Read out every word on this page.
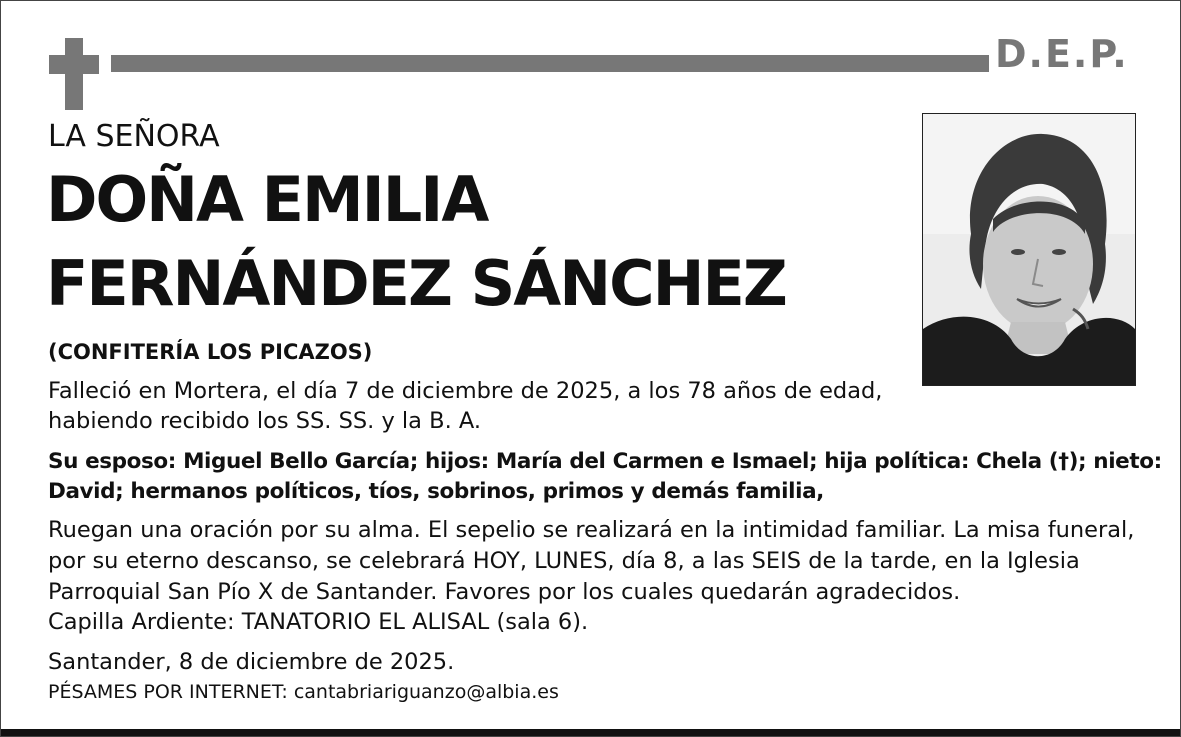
D.E.P.
LA SEÑORA
DOÑA EMILIA
FERNÁNDEZ SÁNCHEZ
(CONFITERÍA LOS PICAZOS)
Falleció en Mortera, el día 7 de diciembre de 2025, a los 78 años de edad,
habiendo recibido los SS. SS. y la B. A.
Su esposo: Miguel Bello García; hijos: María del Carmen e Ismael; hija política: Chela (†); nieto:
David; hermanos políticos, tíos, sobrinos, primos y demás familia,
Ruegan una oración por su alma. El sepelio se realizará en la intimidad familiar. La misa funeral,
por su eterno descanso, se celebrará HOY, LUNES, día 8, a las SEIS de la tarde, en la Iglesia
Parroquial San Pío X de Santander. Favores por los cuales quedarán agradecidos.
Capilla Ardiente: TANATORIO EL ALISAL (sala 6).
Santander, 8 de diciembre de 2025.
PÉSAMES POR INTERNET: cantabriariguanzo@albia.es
